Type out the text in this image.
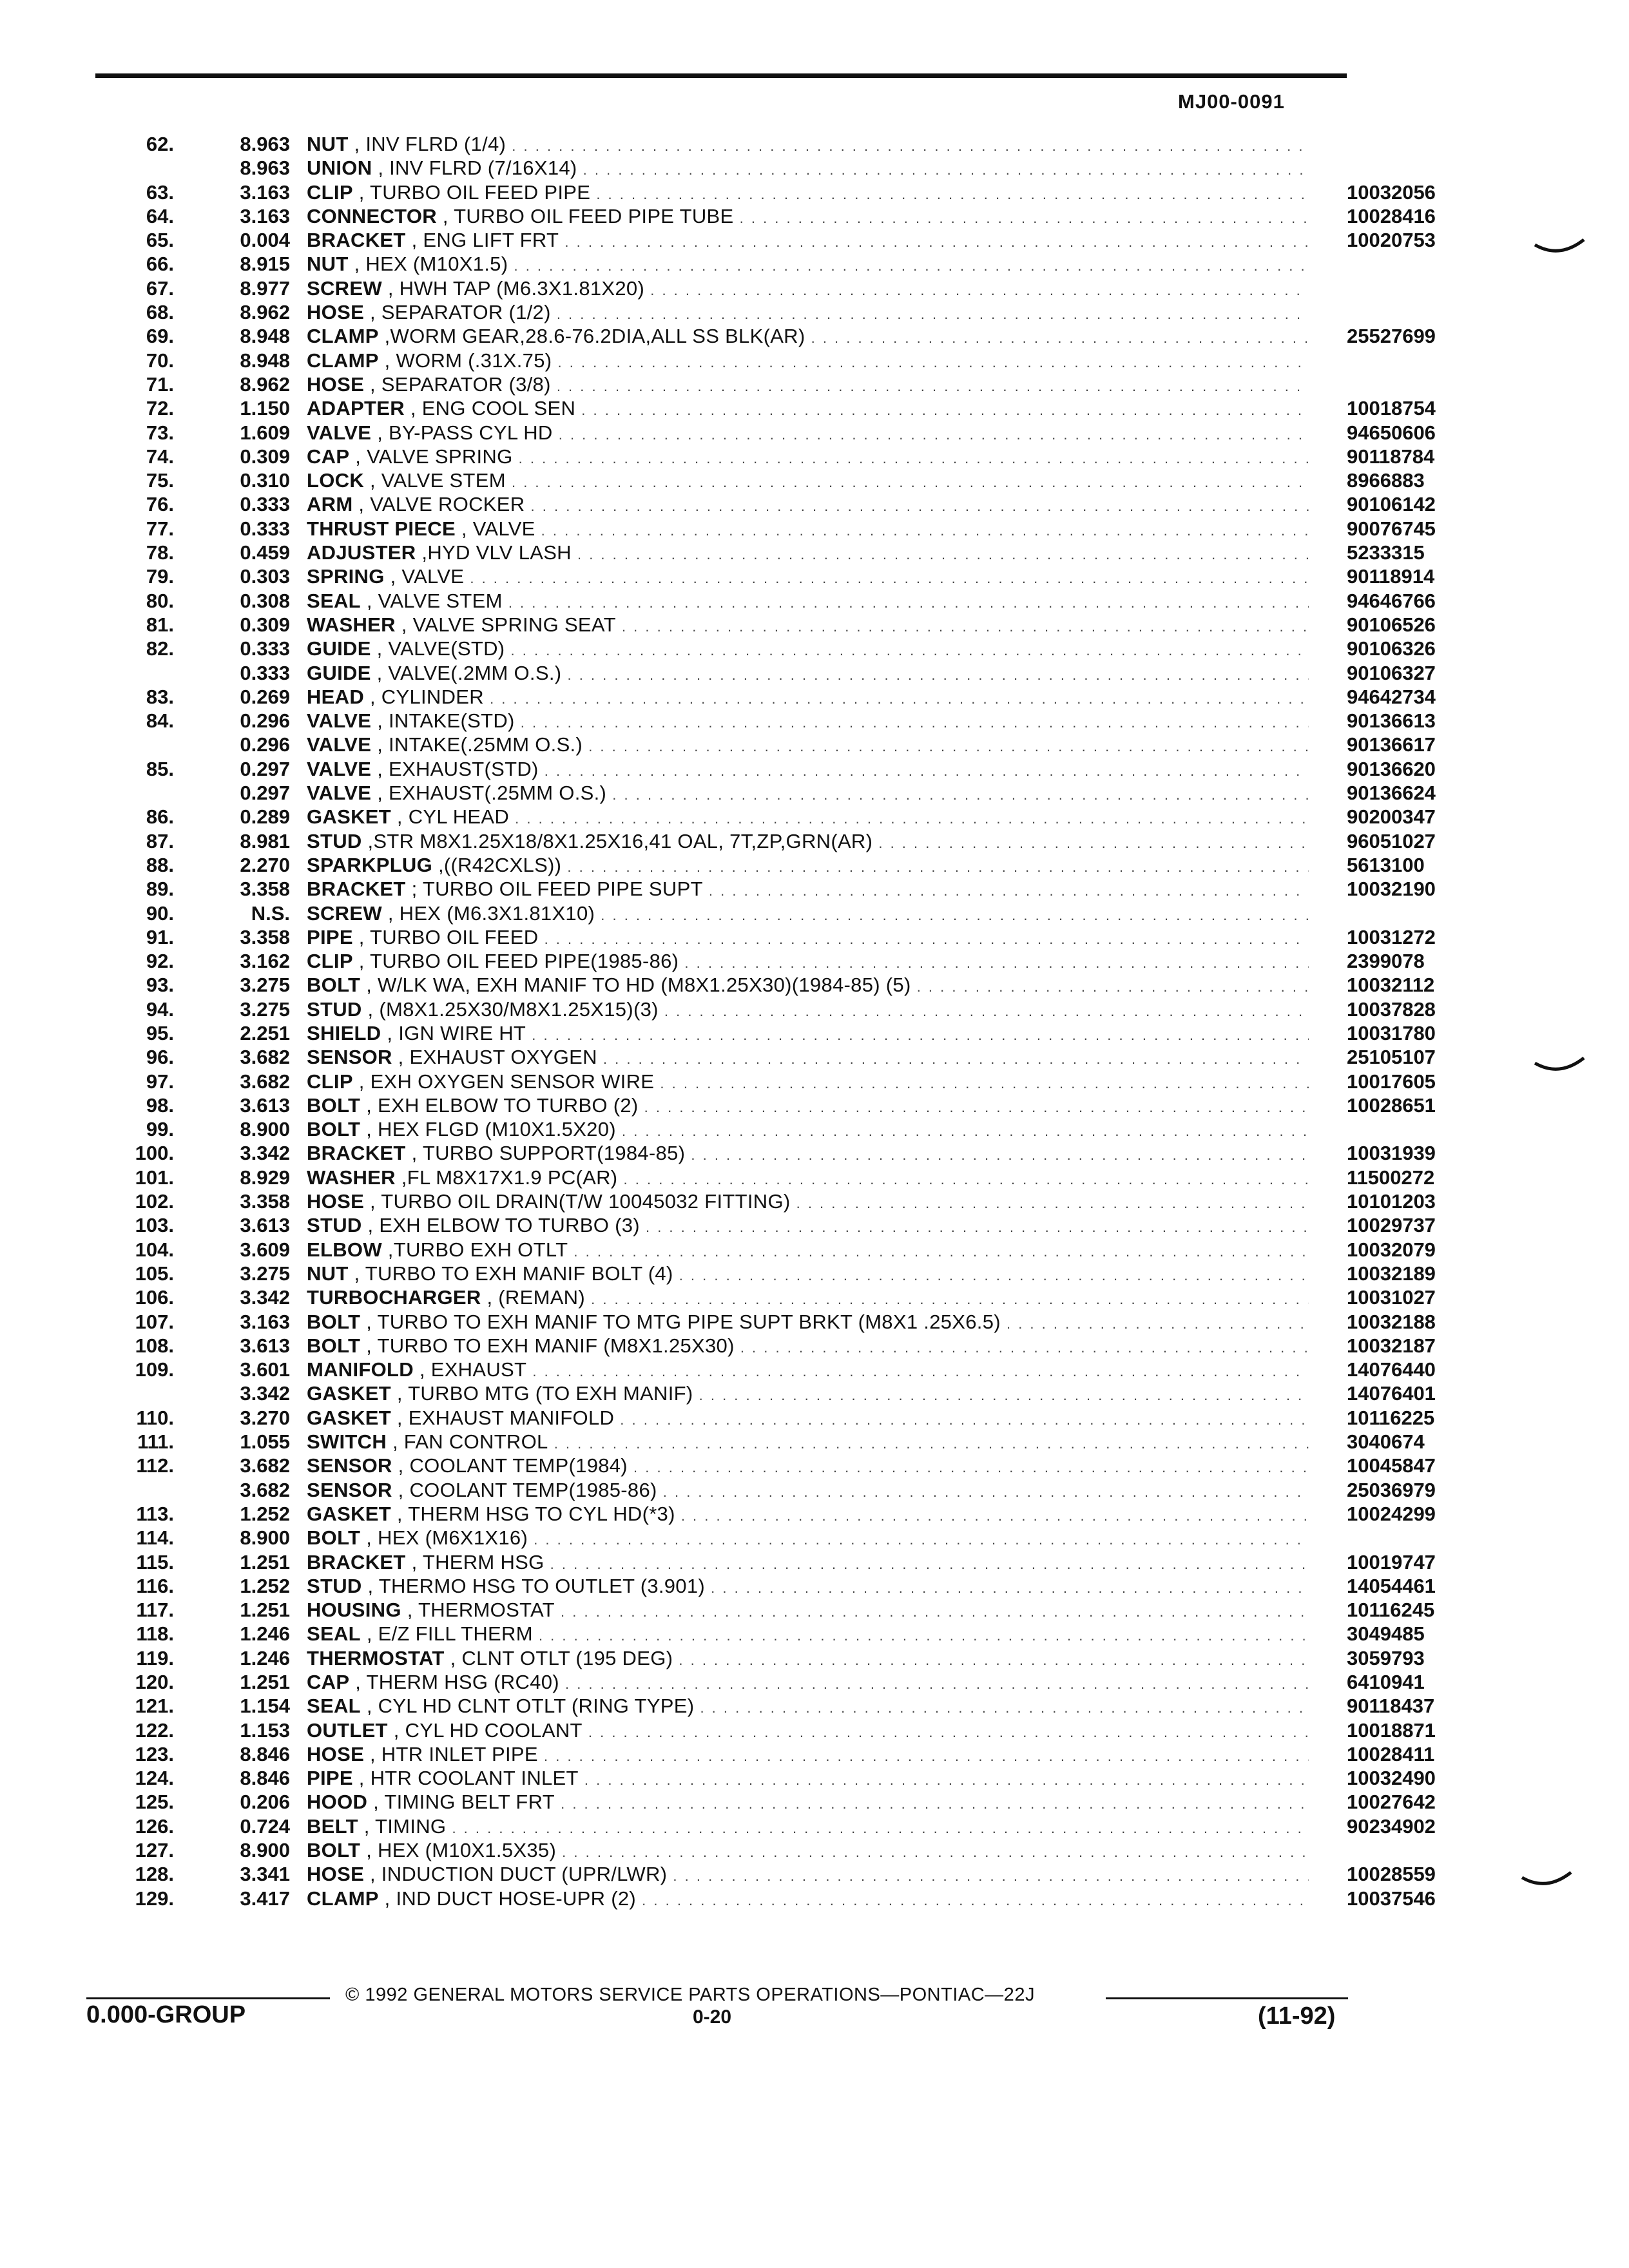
MJ00-0091
62.	8.963 NUT , INV FLRD (1/4) . . .
8.963 UNION , INV FLRD (7/16X14) . . .
63.	3.163 CLIP , TURBO OIL FEED PIPE . . .	10032056
64.	3.163 CONNECTOR , TURBO OIL FEED PIPE TUBE . . .	10028416
65.	0.004 BRACKET , ENG LIFT FRT . . .	10020753
66.	8.915 NUT , HEX (M10X1.5) . . .
67.	8.977 SCREW , HWH TAP (M6.3X1.81X20) . . .
68.	8.962 HOSE , SEPARATOR (1/2) . . .
69.	8.948 CLAMP ,WORM GEAR,28.6-76.2DIA,ALL SS BLK(AR) . . .	25527699
70.	8.948 CLAMP , WORM (.31X.75) . . .
71.	8.962 HOSE , SEPARATOR (3/8) . . .
72.	1.150 ADAPTER , ENG COOL SEN . . .	10018754
73.	1.609 VALVE , BY-PASS CYL HD . . .	94650606
74.	0.309 CAP , VALVE SPRING . . .	90118784
75.	0.310 LOCK , VALVE STEM . . .	8966883
76.	0.333 ARM , VALVE ROCKER . . .	90106142
77.	0.333 THRUST PIECE , VALVE . . .	90076745
78.	0.459 ADJUSTER ,HYD VLV LASH . . .	5233315
79.	0.303 SPRING , VALVE . . .	90118914
80.	0.308 SEAL , VALVE STEM . . .	94646766
81.	0.309 WASHER , VALVE SPRING SEAT . . .	90106526
82.	0.333 GUIDE , VALVE(STD) . . .	90106326
0.333 GUIDE , VALVE(.2MM O.S.) . . .	90106327
83.	0.269 HEAD , CYLINDER . . .	94642734
84.	0.296 VALVE , INTAKE(STD) . . .	90136613
0.296 VALVE , INTAKE(.25MM O.S.) . . .	90136617
85.	0.297 VALVE , EXHAUST(STD) . . .	90136620
0.297 VALVE , EXHAUST(.25MM O.S.) . . .	90136624
86.	0.289 GASKET , CYL HEAD . . .	90200347
87.	8.981 STUD ,STR M8X1.25X18/8X1.25X16,41 OAL, 7T,ZP,GRN(AR) . . .	96051027
88.	2.270 SPARKPLUG ,((R42CXLS)) . . .	5613100
89.	3.358 BRACKET ; TURBO OIL FEED PIPE SUPT . . .	10032190
90.	N.S. SCREW , HEX (M6.3X1.81X10) . . .
91.	3.358 PIPE , TURBO OIL FEED . . .	10031272
92.	3.162 CLIP , TURBO OIL FEED PIPE(1985-86) . . .	2399078
93.	3.275 BOLT , W/LK WA, EXH MANIF TO HD (M8X1.25X30)(1984-85) (5) . . .	10032112
94.	3.275 STUD , (M8X1.25X30/M8X1.25X15)(3) . . .	10037828
95.	2.251 SHIELD , IGN WIRE HT . . .	10031780
96.	3.682 SENSOR , EXHAUST OXYGEN . . .	25105107
97.	3.682 CLIP , EXH OXYGEN SENSOR WIRE . . .	10017605
98.	3.613 BOLT , EXH ELBOW TO TURBO (2) . . .	10028651
99.	8.900 BOLT , HEX FLGD (M10X1.5X20) . . .
100.	3.342 BRACKET , TURBO SUPPORT(1984-85) . . .	10031939
101.	8.929 WASHER ,FL M8X17X1.9 PC(AR) . . .	11500272
102.	3.358 HOSE , TURBO OIL DRAIN(T/W 10045032 FITTING) . . .	10101203
103.	3.613 STUD , EXH ELBOW TO TURBO (3) . . .	10029737
104.	3.609 ELBOW ,TURBO EXH OTLT . . .	10032079
105.	3.275 NUT , TURBO TO EXH MANIF BOLT (4) . . .	10032189
106.	3.342 TURBOCHARGER , (REMAN) . . .	10031027
107.	3.163 BOLT , TURBO TO EXH MANIF TO MTG PIPE SUPT BRKT (M8X1 .25X6.5) . . .	10032188
108.	3.613 BOLT , TURBO TO EXH MANIF (M8X1.25X30) . . .	10032187
109.	3.601 MANIFOLD , EXHAUST . . .	14076440
3.342 GASKET , TURBO MTG (TO EXH MANIF) . . .	14076401
110.	3.270 GASKET , EXHAUST MANIFOLD . . .	10116225
111.	1.055 SWITCH , FAN CONTROL . . .	3040674
112.	3.682 SENSOR , COOLANT TEMP(1984) . . .	10045847
3.682 SENSOR , COOLANT TEMP(1985-86) . . .	25036979
113.	1.252 GASKET , THERM HSG TO CYL HD(*3) . . .	10024299
114.	8.900 BOLT , HEX (M6X1X16) . . .
115.	1.251 BRACKET , THERM HSG . . .	10019747
116.	1.252 STUD , THERMO HSG TO OUTLET (3.901) . . .	14054461
117.	1.251 HOUSING , THERMOSTAT . . .	10116245
118.	1.246 SEAL , E/Z FILL THERM . . .	3049485
119.	1.246 THERMOSTAT , CLNT OTLT (195 DEG) . . .	3059793
120.	1.251 CAP , THERM HSG (RC40) . . .	6410941
121.	1.154 SEAL , CYL HD CLNT OTLT (RING TYPE) . . .	90118437
122.	1.153 OUTLET , CYL HD COOLANT . . .	10018871
123.	8.846 HOSE , HTR INLET PIPE . . .	10028411
124.	8.846 PIPE , HTR COOLANT INLET . . .	10032490
125.	0.206 HOOD , TIMING BELT FRT . . .	10027642
126.	0.724 BELT , TIMING . . .	90234902
127.	8.900 BOLT , HEX (M10X1.5X35) . . .
128.	3.341 HOSE , INDUCTION DUCT (UPR/LWR) . . .	10028559
129.	3.417 CLAMP , IND DUCT HOSE-UPR (2) . . .	10037546
© 1992 GENERAL MOTORS SERVICE PARTS OPERATIONS—PONTIAC—22J
0.000-GROUP	0-20	(11-92)
